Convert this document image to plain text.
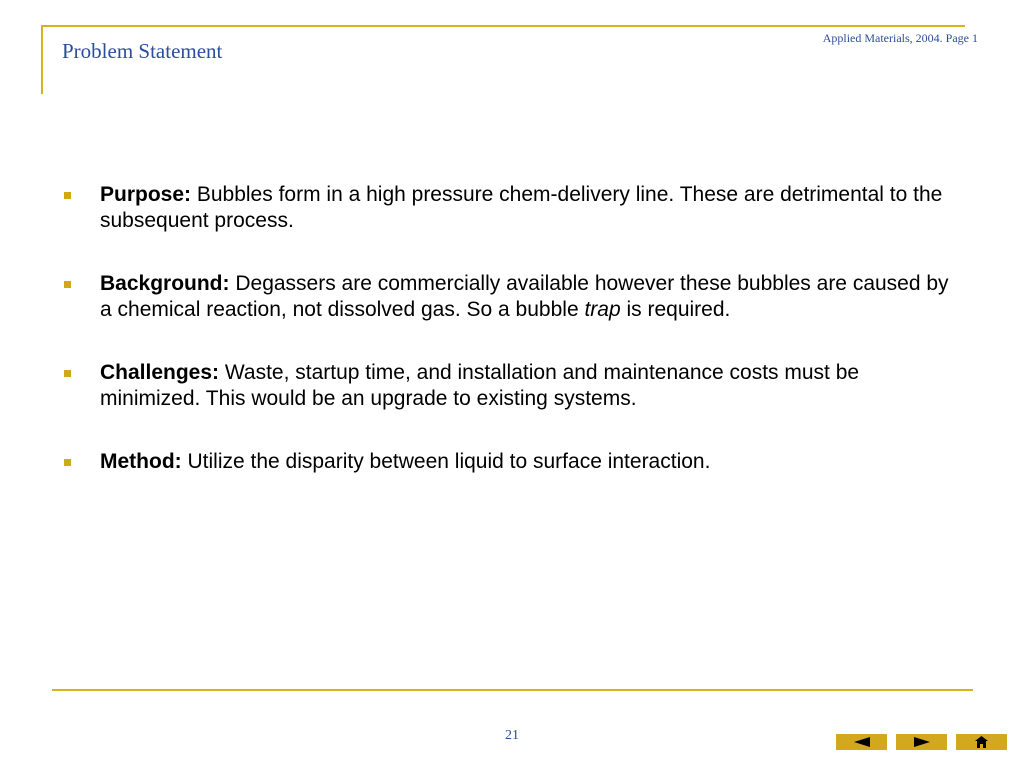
Problem Statement
Applied Materials, 2004. Page 1
Purpose: Bubbles form in a high pressure chem-delivery line. These are detrimental to the subsequent process.
Background: Degassers are commercially available however these bubbles are caused by a chemical reaction, not dissolved gas. So a bubble trap is required.
Challenges: Waste, startup time, and installation and maintenance costs must be minimized. This would be an upgrade to existing systems.
Method: Utilize the disparity between liquid to surface interaction.
21
